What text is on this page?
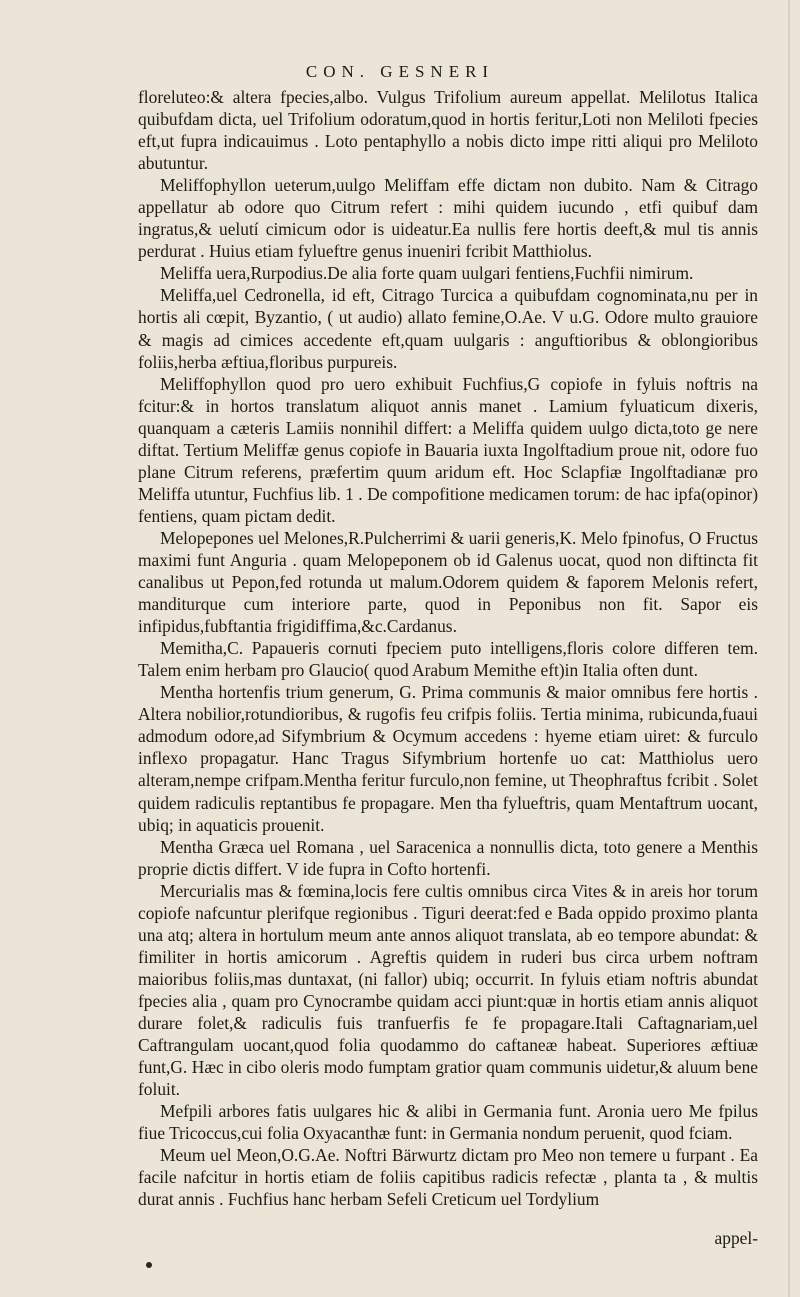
CON. GESNERI

floreluteo:& altera fpecies,albo. Vulgus Trifolium aureum appellat. Melilotus Italica quibufdam dicta, uel Trifolium odoratum,quod in hortis feritur,Loti non Meliloti fpecies eft,ut fupra indicauimus . Loto pentaphyllo a nobis dicto impe ritti aliqui pro Meliloto abutuntur.

Meliffophyllon ueterum,uulgo Meliffam effe dictam non dubito. Nam & Citrago appellatur ab odore quo Citrum refert : mihi quidem iucundo , etfi quibuf dam ingratus,& uelutí cimicum odor is uideatur.Ea nullis fere hortis deeft,& mul tis annis perdurat . Huius etiam fylueftre genus inueniri fcribit Matthiolus.

Meliffa uera,Rurpodius.De alia forte quam uulgari fentiens,Fuchfii nimirum.

Meliffa,uel Cedronella, id eft, Citrago Turcica a quibufdam cognominata,nu per in hortis ali cœpit, Byzantio, ( ut audio) allato femine,O.Ae. V u.G. Odore multo grauiore & magis ad cimices accedente eft,quam uulgaris : anguftioribus & oblongioribus foliis,herba æftiua,floribus purpureis.

Meliffophyllon quod pro uero exhibuit Fuchfius,G copiofe in fyluis noftris na fcitur:& in hortos translatum aliquot annis manet . Lamium fyluaticum dixeris, quanquam a cæteris Lamiis nonnihil differt: a Meliffa quidem uulgo dicta,toto ge nere diftat. Tertium Meliffæ genus copiofe in Bauaria iuxta Ingolftadium proue nit, odore fuo plane Citrum referens, præfertim quum aridum eft. Hoc Sclapfiæ Ingolftadianæ pro Meliffa utuntur, Fuchfius lib. 1 . De compofitione medicamen torum: de hac ipfa(opinor) fentiens, quam pictam dedit.

Melopepones uel Melones,R.Pulcherrimi & uarii generis,K. Melo fpinofus, O Fructus maximi funt Anguria . quam Melopeponem ob id Galenus uocat, quod non diftincta fit canalibus ut Pepon,fed rotunda ut malum.Odorem quidem & faporem Melonis refert, manditurque cum interiore parte, quod in Peponibus non fit. Sapor eis infipidus,fubftantia frigidiffima,&c.Cardanus.

Memitha,C. Papaueris cornuti fpeciem puto intelligens,floris colore differen tem. Talem enim herbam pro Glaucio( quod Arabum Memithe eft)in Italia often dunt.

Mentha hortenfis trium generum, G. Prima communis & maior omnibus fere hortis . Altera nobilior,rotundioribus, & rugofis feu crifpis foliis. Tertia minima, rubicunda,fuaui admodum odore,ad Sifymbrium & Ocymum accedens : hyeme etiam uiret: & furculo inflexo propagatur. Hanc Tragus Sifymbrium hortenfe uo cat: Matthiolus uero alteram,nempe crifpam.Mentha feritur furculo,non femine, ut Theophraftus fcribit . Solet quidem radiculis reptantibus fe propagare. Men tha fylueftris, quam Mentaftrum uocant, ubiq; in aquaticis prouenit.

Mentha Græca uel Romana , uel Saracenica a nonnullis dicta, toto genere a Menthis proprie dictis differt. V ide fupra in Cofto hortenfi.

Mercurialis mas & fœmina,locis fere cultis omnibus circa Vites & in areis hor torum copiofe nafcuntur plerifque regionibus . Tiguri deerat:fed e Bada oppido proximo planta una atq; altera in hortulum meum ante annos aliquot translata, ab eo tempore abundat: & fimiliter in hortis amicorum . Agreftis quidem in ruderi bus circa urbem noftram maioribus foliis,mas duntaxat, (ni fallor) ubiq; occurrit. In fyluis etiam noftris abundat fpecies alia , quam pro Cynocrambe quidam acci piunt:quæ in hortis etiam annis aliquot durare folet,& radiculis fuis tranfuerfis fe fe propagare.Itali Caftagnariam,uel Caftrangulam uocant,quod folia quodammo do caftaneæ habeat. Superiores æftiuæ funt,G. Hæc in cibo oleris modo fumptam gratior quam communis uidetur,& aluum bene foluit.

Mefpili arbores fatis uulgares hic & alibi in Germania funt. Aronia uero Me fpilus fiue Tricoccus,cui folia Oxyacanthæ funt: in Germania nondum peruenit, quod fciam.

Meum uel Meon,O.G.Ae. Noftri Bärwurtz dictam pro Meo non temere u furpant . Ea facile nafcitur in hortis etiam de foliis capitibus radicis refectæ , planta ta , & multis durat annis . Fuchfius hanc herbam Sefeli Creticum uel Tordylium

appel-
